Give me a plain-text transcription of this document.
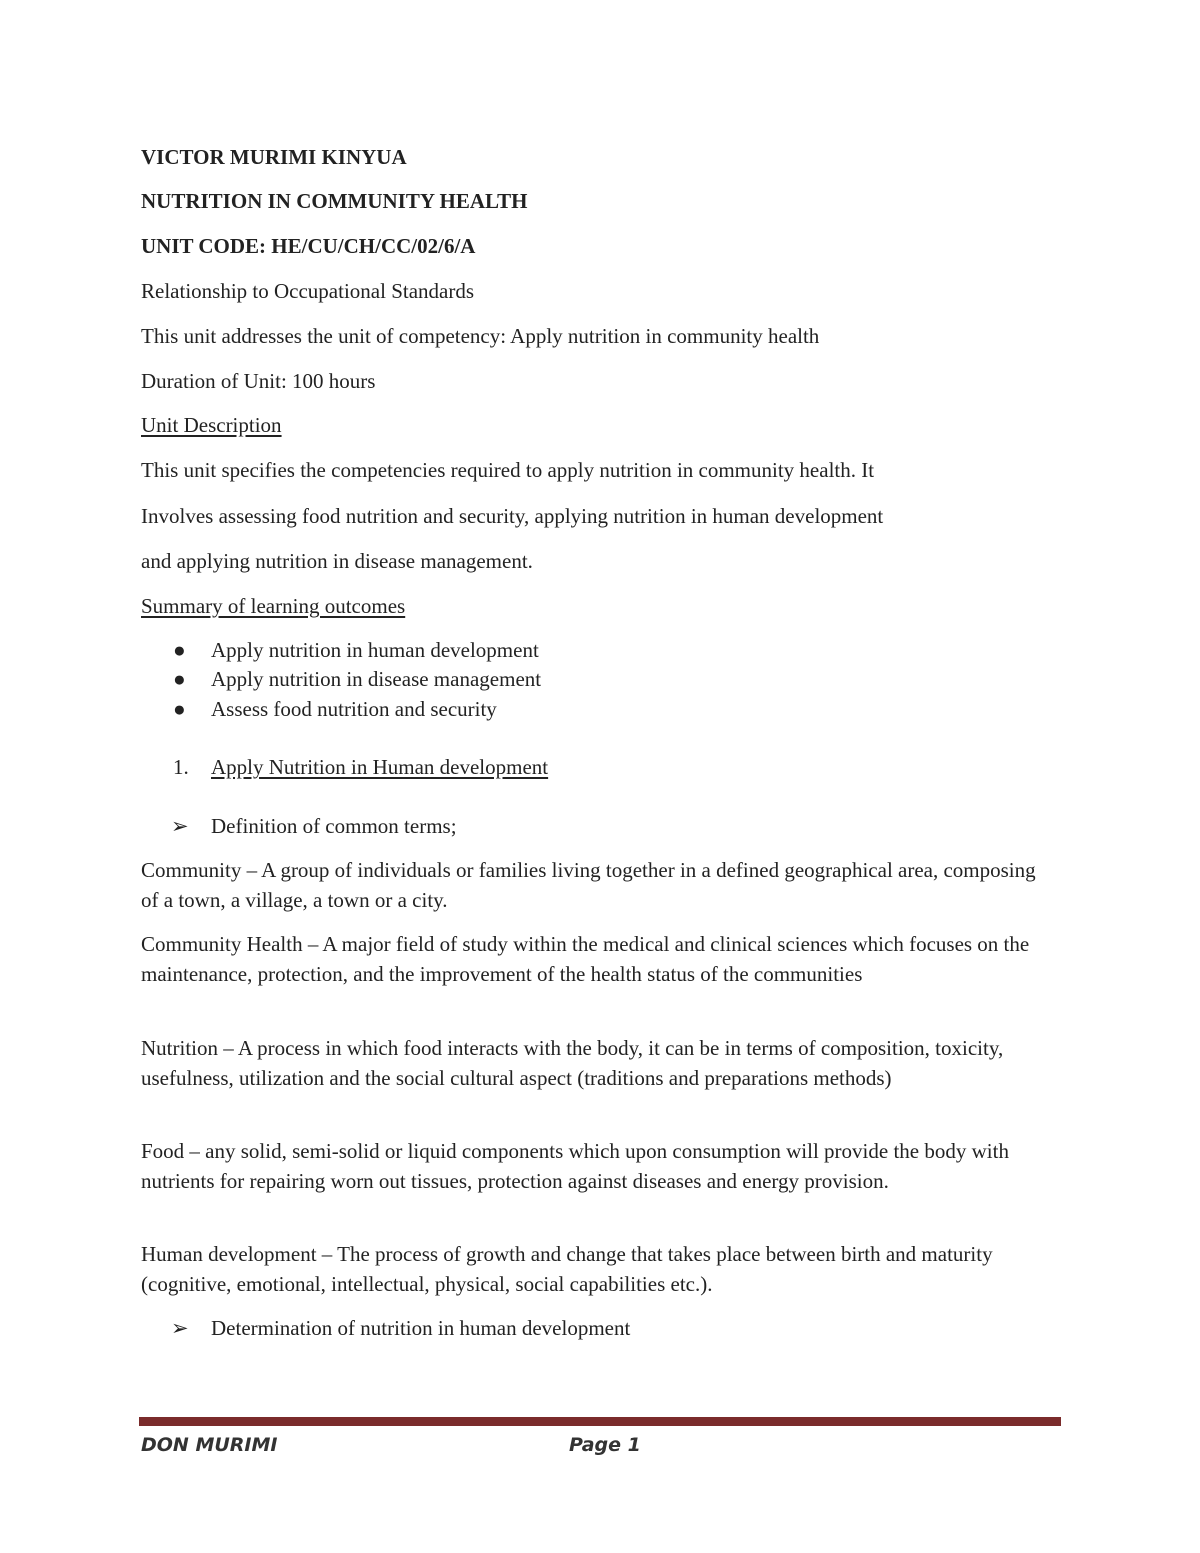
VICTOR MURIMI KINYUA
NUTRITION IN COMMUNITY HEALTH
UNIT CODE: HE/CU/CH/CC/02/6/A
Relationship to Occupational Standards
This unit addresses the unit of competency: Apply nutrition in community health
Duration of Unit: 100 hours
Unit Description
This unit specifies the competencies required to apply nutrition in community health. It
Involves assessing food nutrition and security, applying nutrition in human development
and applying nutrition in disease management.
Summary of learning outcomes
● Apply nutrition in human development
● Apply nutrition in disease management
● Assess food nutrition and security
1. Apply Nutrition in Human development
➢ Definition of common terms;
Community – A group of individuals or families living together in a defined geographical area, composing of a town, a village, a town or a city.
Community Health – A major field of study within the medical and clinical sciences which focuses on the maintenance, protection, and the improvement of the health status of the communities
Nutrition – A process in which food interacts with the body, it can be in terms of composition, toxicity, usefulness, utilization and the social cultural aspect (traditions and preparations methods)
Food – any solid, semi-solid or liquid components which upon consumption will provide the body with nutrients for repairing worn out tissues, protection against diseases and energy provision.
Human development – The process of growth and change that takes place between birth and maturity (cognitive, emotional, intellectual, physical, social capabilities etc.).
➢ Determination of nutrition in human development
DON MURIMI	Page 1
